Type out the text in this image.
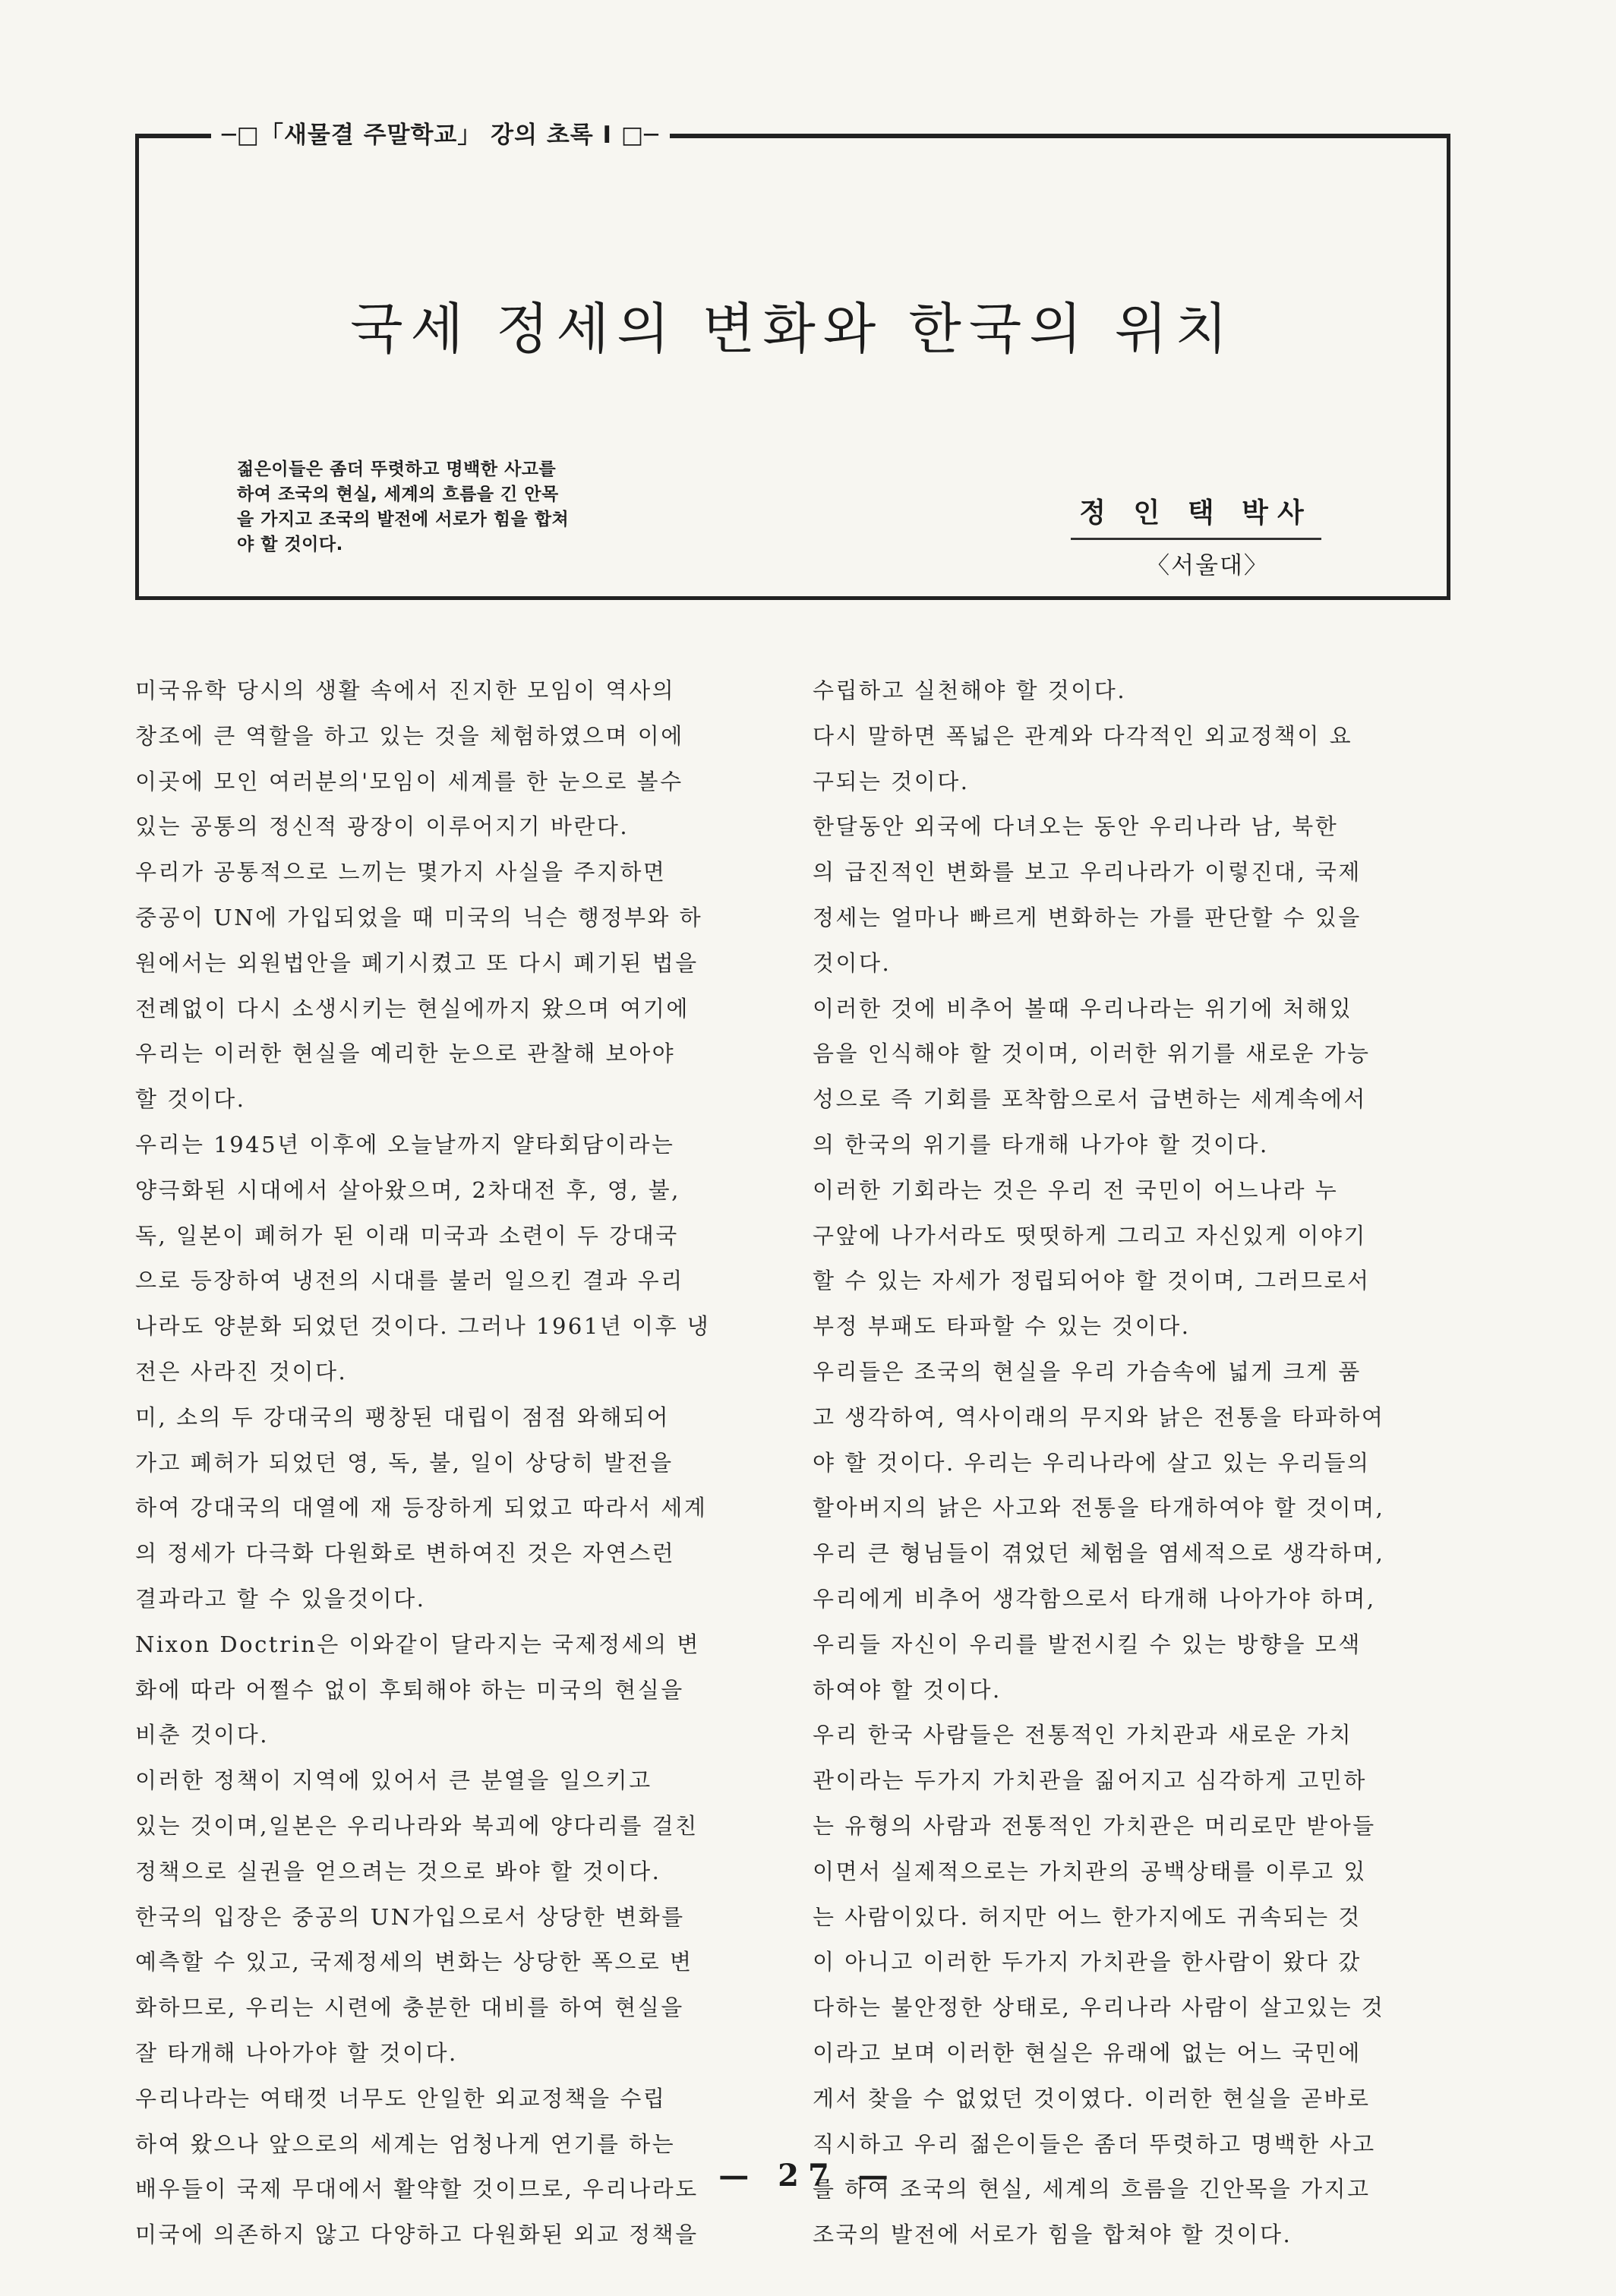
─□「새물결 주말학교」 강의 초록 I □─
국세 정세의 변화와 한국의 위치
젊은이들은 좀더 뚜렷하고 명백한 사고를
하여 조국의 현실, 세계의 흐름을 긴 안목
을 가지고 조국의 발전에 서로가 힘을 합쳐
야 할 것이다.
정 인 택 박사
〈서울대〉
미국유학 당시의 생활 속에서 진지한 모임이 역사의
창조에 큰 역할을 하고 있는 것을 체험하였으며 이에
이곳에 모인 여러분의'모임이 세계를 한 눈으로 볼수
있는 공통의 정신적 광장이 이루어지기 바란다.
우리가 공통적으로 느끼는 몇가지 사실을 주지하면
중공이 UN에 가입되었을 때 미국의 닉슨 행정부와 하
원에서는 외원법안을 폐기시켰고 또 다시 폐기된 법을
전례없이 다시 소생시키는 현실에까지 왔으며 여기에
우리는 이러한 현실을 예리한 눈으로 관찰해 보아야
할 것이다.
우리는 1945년 이후에 오늘날까지 얄타회담이라는
양극화된 시대에서 살아왔으며, 2차대전 후, 영, 불,
독, 일본이 폐허가 된 이래 미국과 소련이 두 강대국
으로 등장하여 냉전의 시대를 불러 일으킨 결과 우리
나라도 양분화 되었던 것이다. 그러나 1961년 이후 냉
전은 사라진 것이다.
미, 소의 두 강대국의 팽창된 대립이 점점 와해되어
가고 폐허가 되었던 영, 독, 불, 일이 상당히 발전을
하여 강대국의 대열에 재 등장하게 되었고 따라서 세계
의 정세가 다극화 다원화로 변하여진 것은 자연스런
결과라고 할 수 있을것이다.
Nixon Doctrin은 이와같이 달라지는 국제정세의 변
화에 따라 어쩔수 없이 후퇴해야 하는 미국의 현실을
비춘 것이다.
이러한 정책이 지역에 있어서 큰 분열을 일으키고
있는 것이며,일본은 우리나라와 북괴에 양다리를 걸친
정책으로 실권을 얻으려는 것으로 봐야 할 것이다.
한국의 입장은 중공의 UN가입으로서 상당한 변화를
예측할 수 있고, 국제정세의 변화는 상당한 폭으로 변
화하므로, 우리는 시련에 충분한 대비를 하여 현실을
잘 타개해 나아가야 할 것이다.
우리나라는 여태껏 너무도 안일한 외교정책을 수립
하여 왔으나 앞으로의 세계는 엄청나게 연기를 하는
배우들이 국제 무대에서 활약할 것이므로, 우리나라도
미국에 의존하지 않고 다양하고 다원화된 외교 정책을
수립하고 실천해야 할 것이다.
다시 말하면 폭넓은 관계와 다각적인 외교정책이 요
구되는 것이다.
한달동안 외국에 다녀오는 동안 우리나라 남, 북한
의 급진적인 변화를 보고 우리나라가 이렇진대, 국제
정세는 얼마나 빠르게 변화하는 가를 판단할 수 있을
것이다.
이러한 것에 비추어 볼때 우리나라는 위기에 처해있
음을 인식해야 할 것이며, 이러한 위기를 새로운 가능
성으로 즉 기회를 포착함으로서 급변하는 세계속에서
의 한국의 위기를 타개해 나가야 할 것이다.
이러한 기회라는 것은 우리 전 국민이 어느나라 누
구앞에 나가서라도 떳떳하게 그리고 자신있게 이야기
할 수 있는 자세가 정립되어야 할 것이며, 그러므로서
부정 부패도 타파할 수 있는 것이다.
우리들은 조국의 현실을 우리 가슴속에 넓게 크게 품
고 생각하여, 역사이래의 무지와 낡은 전통을 타파하여
야 할 것이다. 우리는 우리나라에 살고 있는 우리들의
할아버지의 낡은 사고와 전통을 타개하여야 할 것이며,
우리 큰 형님들이 겪었던 체험을 염세적으로 생각하며,
우리에게 비추어 생각함으로서 타개해 나아가야 하며,
우리들 자신이 우리를 발전시킬 수 있는 방향을 모색
하여야 할 것이다.
우리 한국 사람들은 전통적인 가치관과 새로운 가치
관이라는 두가지 가치관을 짊어지고 심각하게 고민하
는 유형의 사람과 전통적인 가치관은 머리로만 받아들
이면서 실제적으로는 가치관의 공백상태를 이루고 있
는 사람이있다. 허지만 어느 한가지에도 귀속되는 것
이 아니고 이러한 두가지 가치관을 한사람이 왔다 갔
다하는 불안정한 상태로, 우리나라 사람이 살고있는 것
이라고 보며 이러한 현실은 유래에 없는 어느 국민에
게서 찾을 수 없었던 것이였다. 이러한 현실을 곧바로
직시하고 우리 젊은이들은 좀더 뚜렷하고 명백한 사고
를 하여 조국의 현실, 세계의 흐름을 긴안목을 가지고
조국의 발전에 서로가 힘을 합쳐야 할 것이다.
— 27 —
